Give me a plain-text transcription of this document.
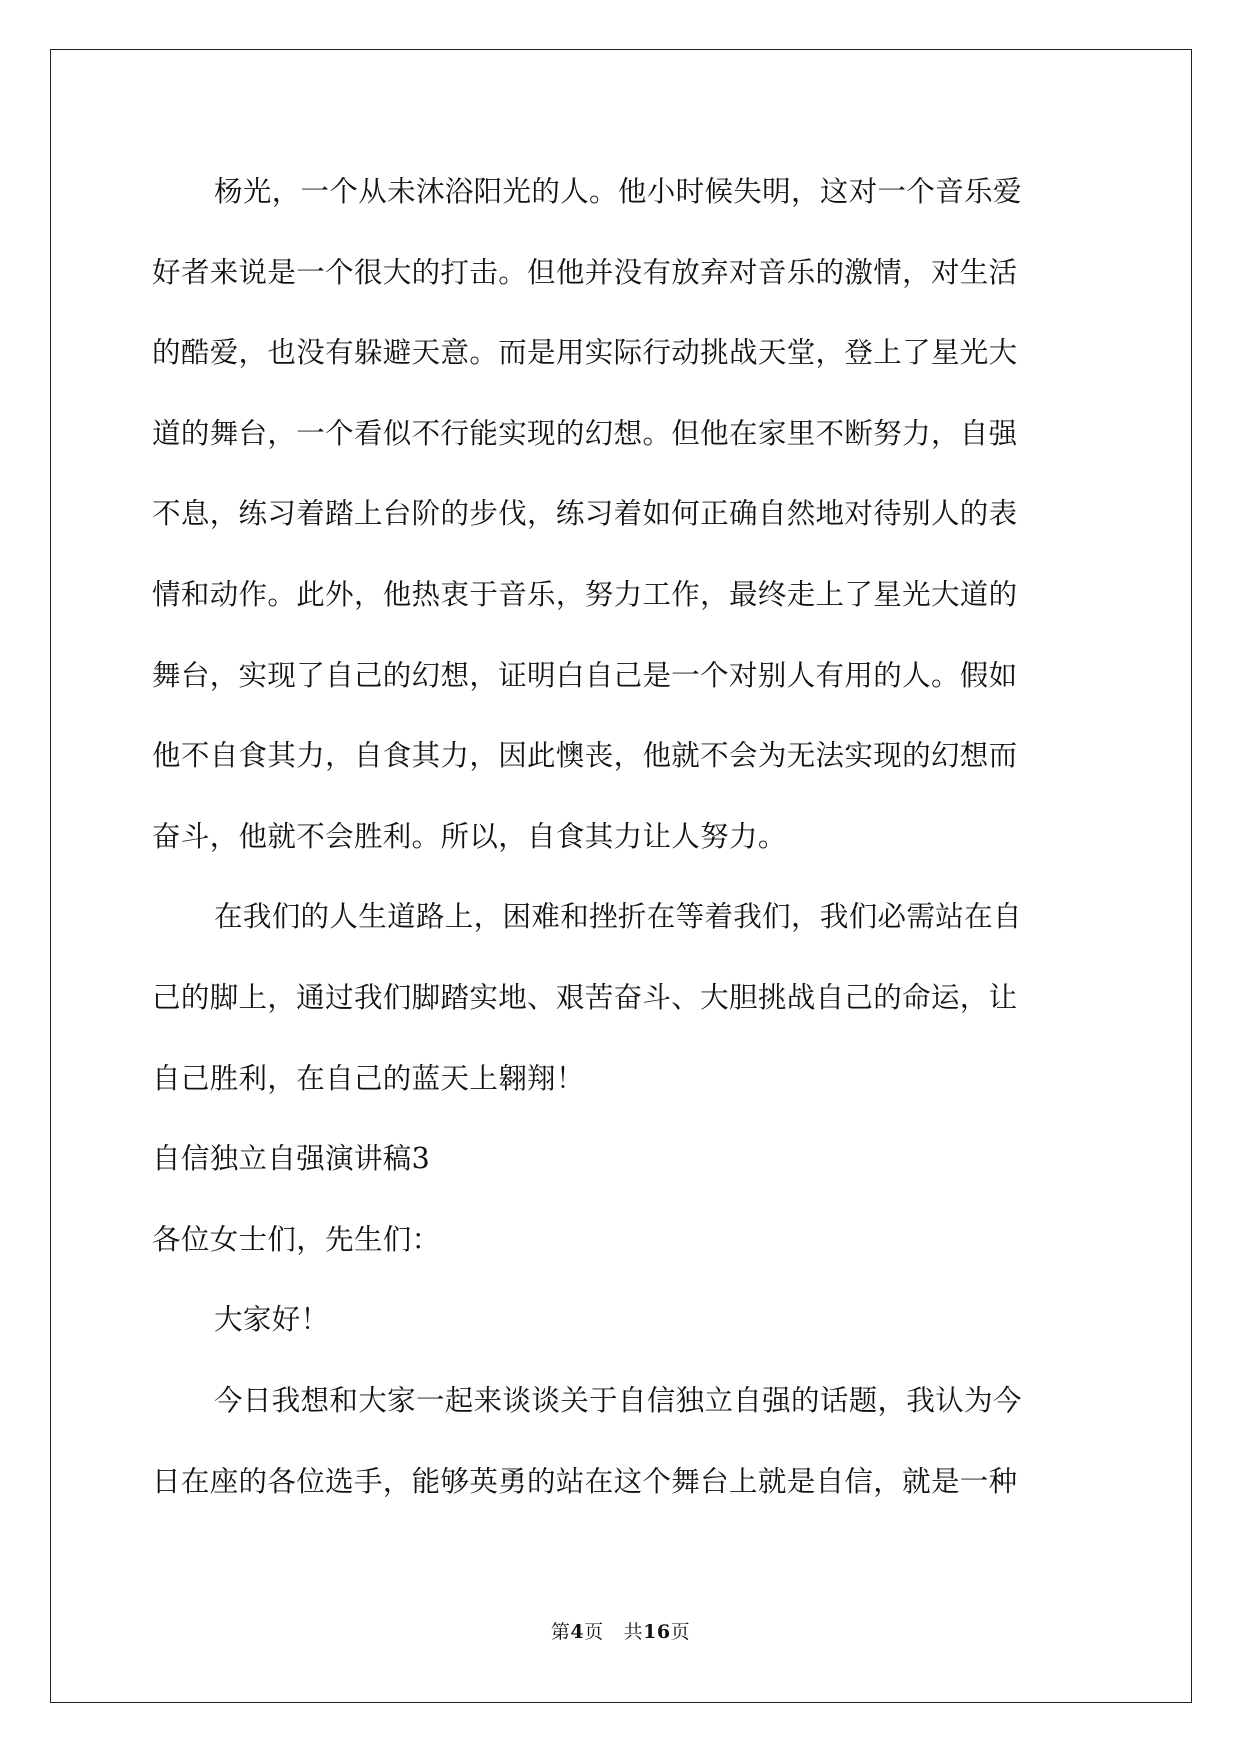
杨光，一个从未沐浴阳光的人。他小时候失明，这对一个音乐爱
好者来说是一个很大的打击。但他并没有放弃对音乐的激情，对生活
的酷爱，也没有躲避天意。而是用实际行动挑战天堂，登上了星光大
道的舞台，一个看似不行能实现的幻想。但他在家里不断努力，自强
不息，练习着踏上台阶的步伐，练习着如何正确自然地对待别人的表
情和动作。此外，他热衷于音乐，努力工作，最终走上了星光大道的
舞台，实现了自己的幻想，证明白自己是一个对别人有用的人。假如
他不自食其力，自食其力，因此懊丧，他就不会为无法实现的幻想而
奋斗，他就不会胜利。所以，自食其力让人努力。
在我们的人生道路上，困难和挫折在等着我们，我们必需站在自
己的脚上，通过我们脚踏实地、艰苦奋斗、大胆挑战自己的命运，让
自己胜利，在自己的蓝天上翱翔！
自信独立自强演讲稿3
各位女士们，先生们：
大家好！
今日我想和大家一起来谈谈关于自信独立自强的话题，我认为今
日在座的各位选手，能够英勇的站在这个舞台上就是自信，就是一种
第4页 共16页
